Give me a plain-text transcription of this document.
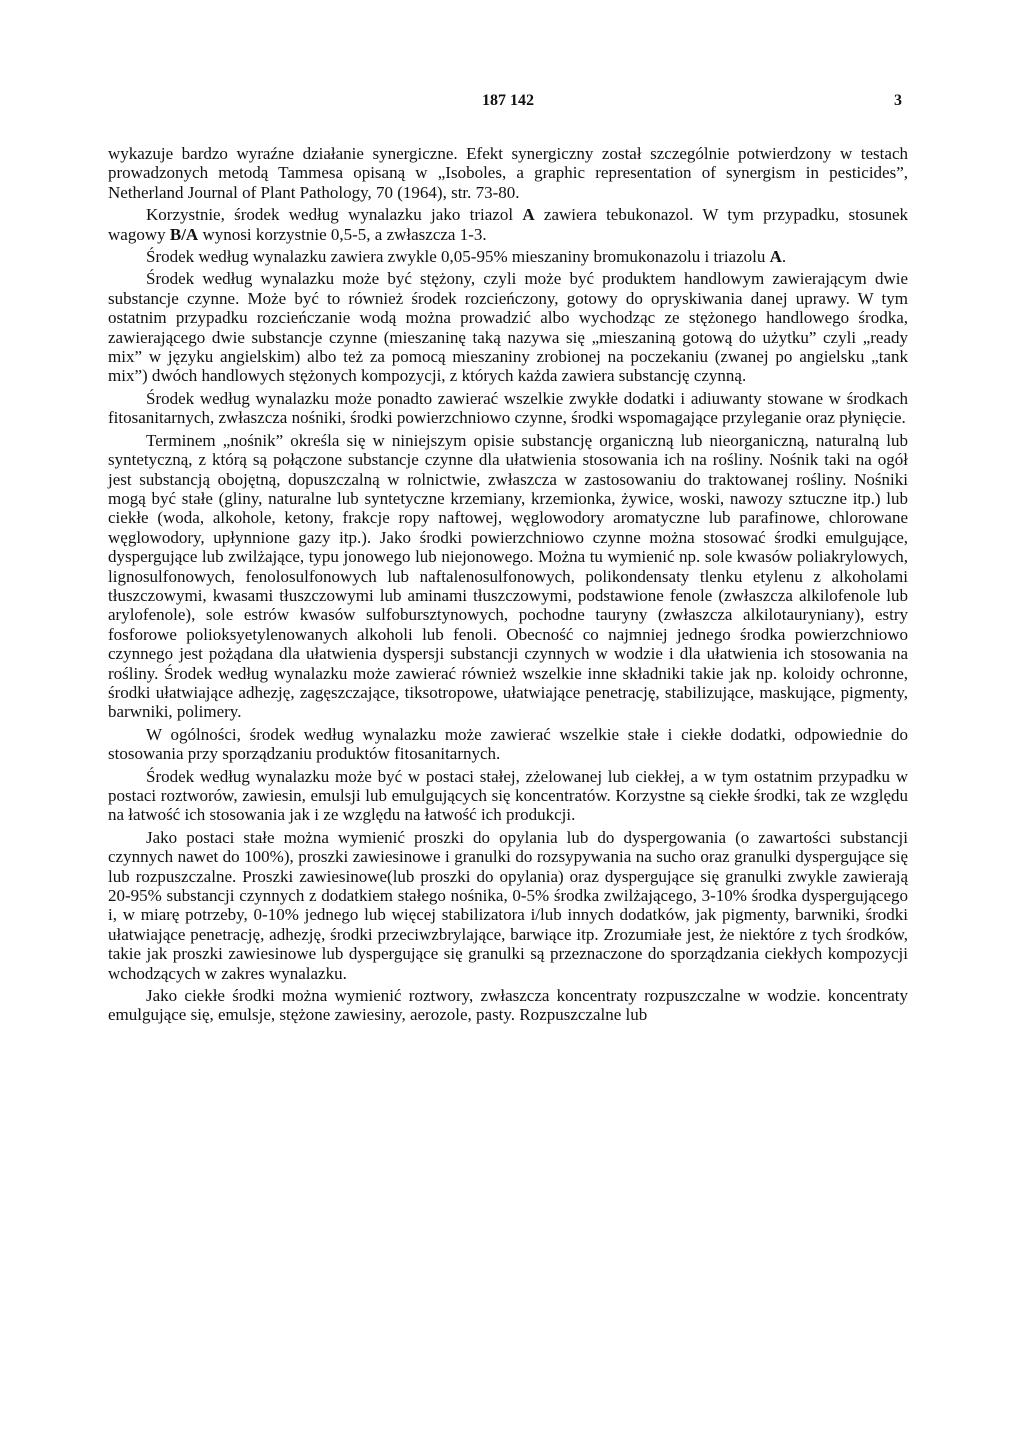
187 142	3

wykazuje bardzo wyraźne działanie synergiczne. Efekt synergiczny został szczególnie potwierdzony w testach prowadzonych metodą Tammesa opisaną w „Isoboles, a graphic representation of synergism in pesticides”, Netherland Journal of Plant Pathology, 70 (1964), str. 73-80.

Korzystnie, środek według wynalazku jako triazol A zawiera tebukonazol. W tym przypadku, stosunek wagowy B/A wynosi korzystnie 0,5-5, a zwłaszcza 1-3.

Środek według wynalazku zawiera zwykle 0,05-95% mieszaniny bromukonazolu i triazolu A.

Środek według wynalazku może być stężony, czyli może być produktem handlowym zawierającym dwie substancje czynne. Może być to również środek rozcieńczony, gotowy do opryskiwania danej uprawy. W tym ostatnim przypadku rozcieńczanie wodą można prowadzić albo wychodząc ze stężonego handlowego środka, zawierającego dwie substancje czynne (mieszaninę taką nazywa się „mieszaniną gotową do użytku” czyli „ready mix” w języku angielskim) albo też za pomocą mieszaniny zrobionej na poczekaniu (zwanej po angielsku „tank mix”) dwóch handlowych stężonych kompozycji, z których każda zawiera substancję czynną.

Środek według wynalazku może ponadto zawierać wszelkie zwykłe dodatki i adiuwanty stowane w środkach fitosanitarnych, zwłaszcza nośniki, środki powierzchniowo czynne, środki wspomagające przyleganie oraz płynięcie.

Terminem „nośnik” określa się w niniejszym opisie substancję organiczną lub nieorganiczną, naturalną lub syntetyczną, z którą są połączone substancje czynne dla ułatwienia stosowania ich na rośliny. Nośnik taki na ogół jest substancją obojętną, dopuszczalną w rolnictwie, zwłaszcza w zastosowaniu do traktowanej rośliny. Nośniki mogą być stałe (gliny, naturalne lub syntetyczne krzemiany, krzemionka, żywice, woski, nawozy sztuczne itp.) lub ciekłe (woda, alkohole, ketony, frakcje ropy naftowej, węglowodory aromatyczne lub parafinowe, chlorowane węglowodory, upłynnione gazy itp.). Jako środki powierzchniowo czynne można stosować środki emulgujące, dyspergujące lub zwilżające, typu jonowego lub niejonowego. Można tu wymienić np. sole kwasów poliakrylowych, lignosulfonowych, fenolosulfonowych lub naftalenosulfonowych, polikondensaty tlenku etylenu z alkoholami tłuszczowymi, kwasami tłuszczowymi lub aminami tłuszczowymi, podstawione fenole (zwłaszcza alkilofenole lub arylofenole), sole estrów kwasów sulfobursztynowych, pochodne tauryny (zwłaszcza alkilotauryniany), estry fosforowe polioksyetylenowanych alkoholi lub fenoli. Obecność co najmniej jednego środka powierzchniowo czynnego jest pożądana dla ułatwienia dyspersji substancji czynnych w wodzie i dla ułatwienia ich stosowania na rośliny. Środek według wynalazku może zawierać również wszelkie inne składniki takie jak np. koloidy ochronne, środki ułatwiające adhezję, zagęszczające, tiksotropowe, ułatwiające penetrację, stabilizujące, maskujące, pigmenty, barwniki, polimery.

W ogólności, środek według wynalazku może zawierać wszelkie stałe i ciekłe dodatki, odpowiednie do stosowania przy sporządzaniu produktów fitosanitarnych.

Środek według wynalazku może być w postaci stałej, zżelowanej lub ciekłej, a w tym ostatnim przypadku w postaci roztworów, zawiesin, emulsji lub emulgujących się koncentratów. Korzystne są ciekłe środki, tak ze względu na łatwość ich stosowania jak i ze względu na łatwość ich produkcji.

Jako postaci stałe można wymienić proszki do opylania lub do dyspergowania (o zawartości substancji czynnych nawet do 100%), proszki zawiesinowe i granulki do rozsypywania na sucho oraz granulki dyspergujące się lub rozpuszczalne. Proszki zawiesinowe(lub proszki do opylania) oraz dyspergujące się granulki zwykle zawierają 20-95% substancji czynnych z dodatkiem stałego nośnika, 0-5% środka zwilżającego, 3-10% środka dyspergującego i, w miarę potrzeby, 0-10% jednego lub więcej stabilizatora i/lub innych dodatków, jak pigmenty, barwniki, środki ułatwiające penetrację, adhezję, środki przeciwzbrylające, barwiące itp. Zrozumiałe jest, że niektóre z tych środków, takie jak proszki zawiesinowe lub dyspergujące się granulki są przeznaczone do sporządzania ciekłych kompozycji wchodzących w zakres wynalazku.

Jako ciekłe środki można wymienić roztwory, zwłaszcza koncentraty rozpuszczalne w wodzie. koncentraty emulgujące się, emulsje, stężone zawiesiny, aerozole, pasty. Rozpuszczalne lub
